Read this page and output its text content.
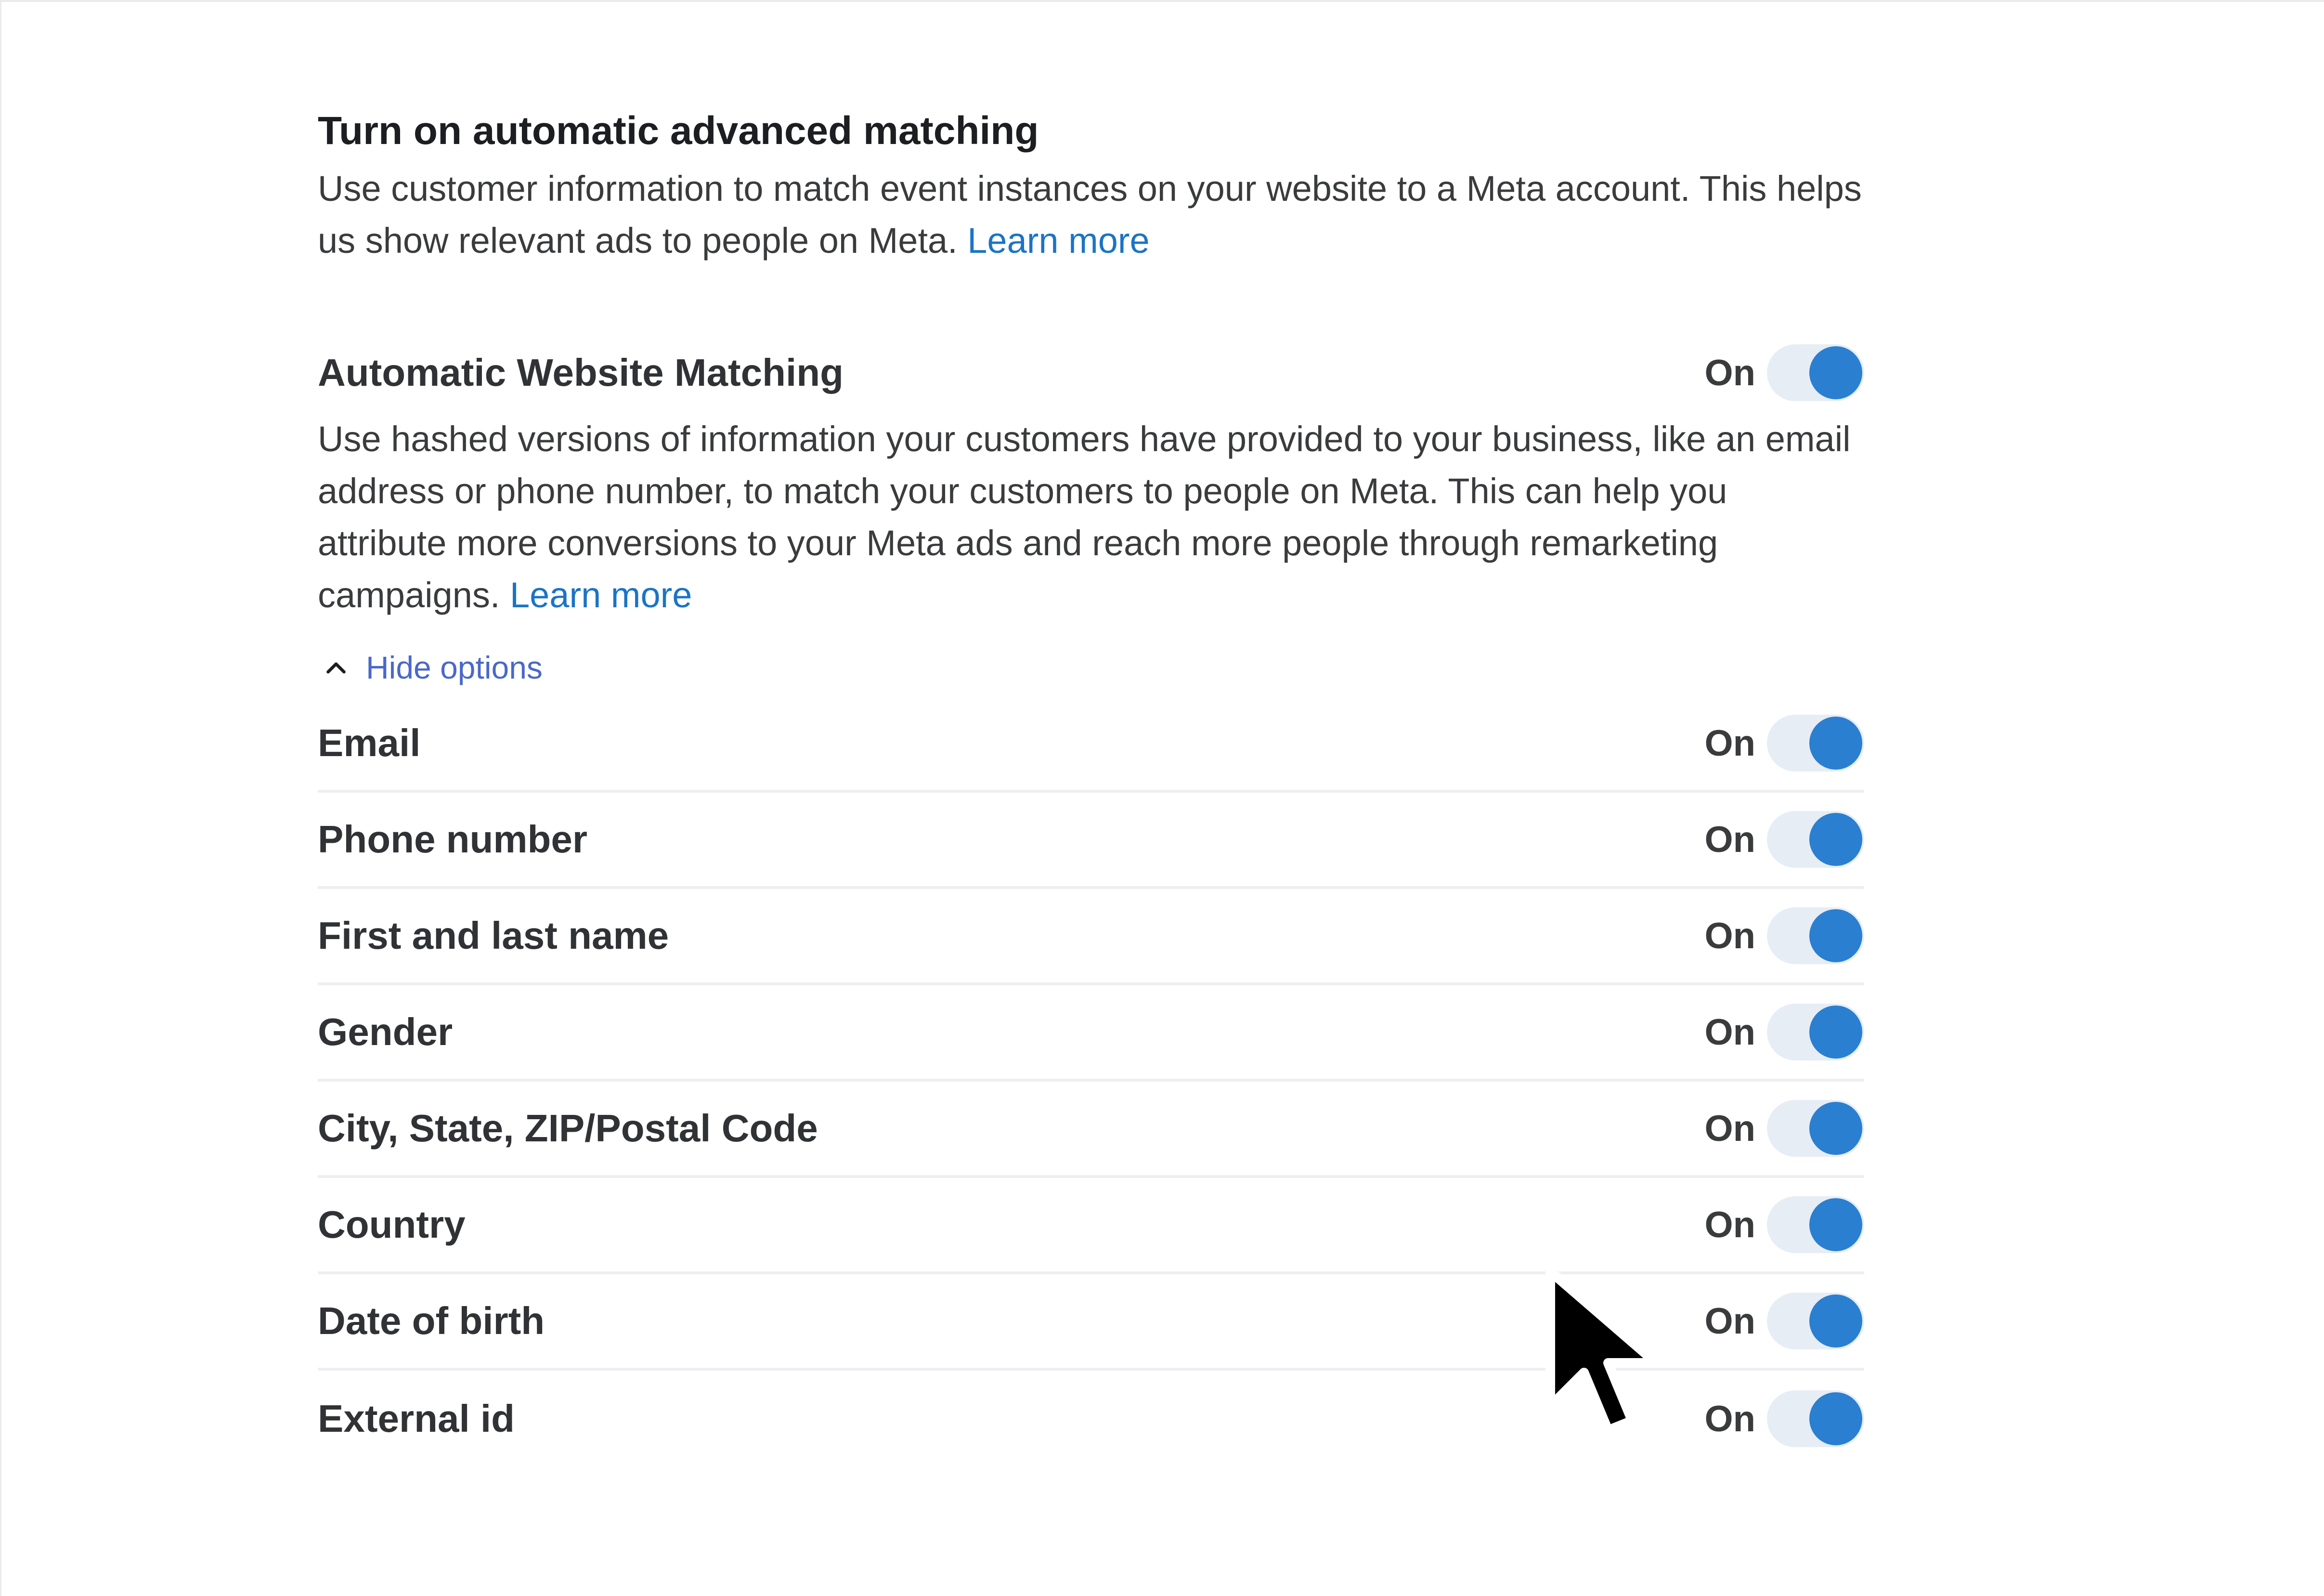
Turn on automatic advanced matching

Use customer information to match event instances on your website to a Meta account. This helps us show relevant ads to people on Meta. Learn more

Automatic Website Matching	On

Use hashed versions of information your customers have provided to your business, like an email address or phone number, to match your customers to people on Meta. This can help you attribute more conversions to your Meta ads and reach more people through remarketing campaigns. Learn more

Hide options
Email	On
Phone number	On
First and last name	On
Gender	On
City, State, ZIP/Postal Code	On
Country	On
Date of birth	On
External id	On
